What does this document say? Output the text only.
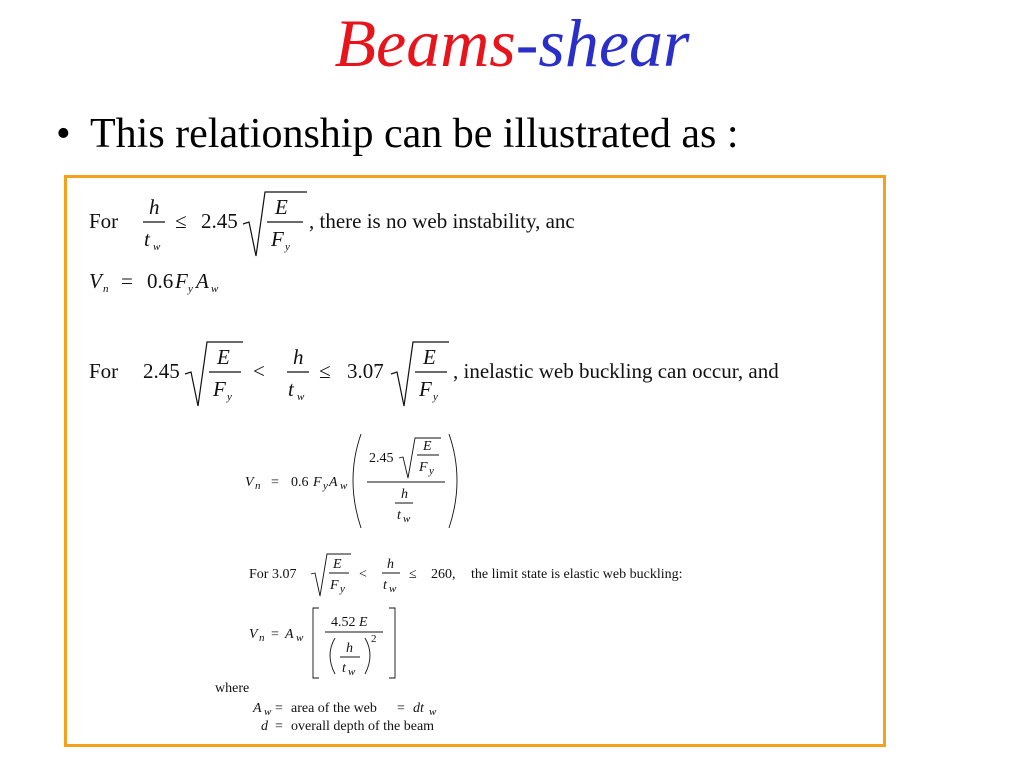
Beams-shear
• This relationship can be illustrated as :
For
h
t w
≤ 2.45
E
F y
, there is no web instability, anc
V n = 0.6 F y A w
For 2.45
E
F y
<
h
t w
≤ 3.07
E
F y
, inelastic web buckling can occur, and
V n = 0.6 F y A w
2.45
E
F y
h
t w
For 3.07
E
F y
<
h
t w
≤ 260, the limit state is elastic web buckling:
V n = A w
4.52 E
h
t w
2
where
A w = area of the web = dt w
d = overall depth of the beam
